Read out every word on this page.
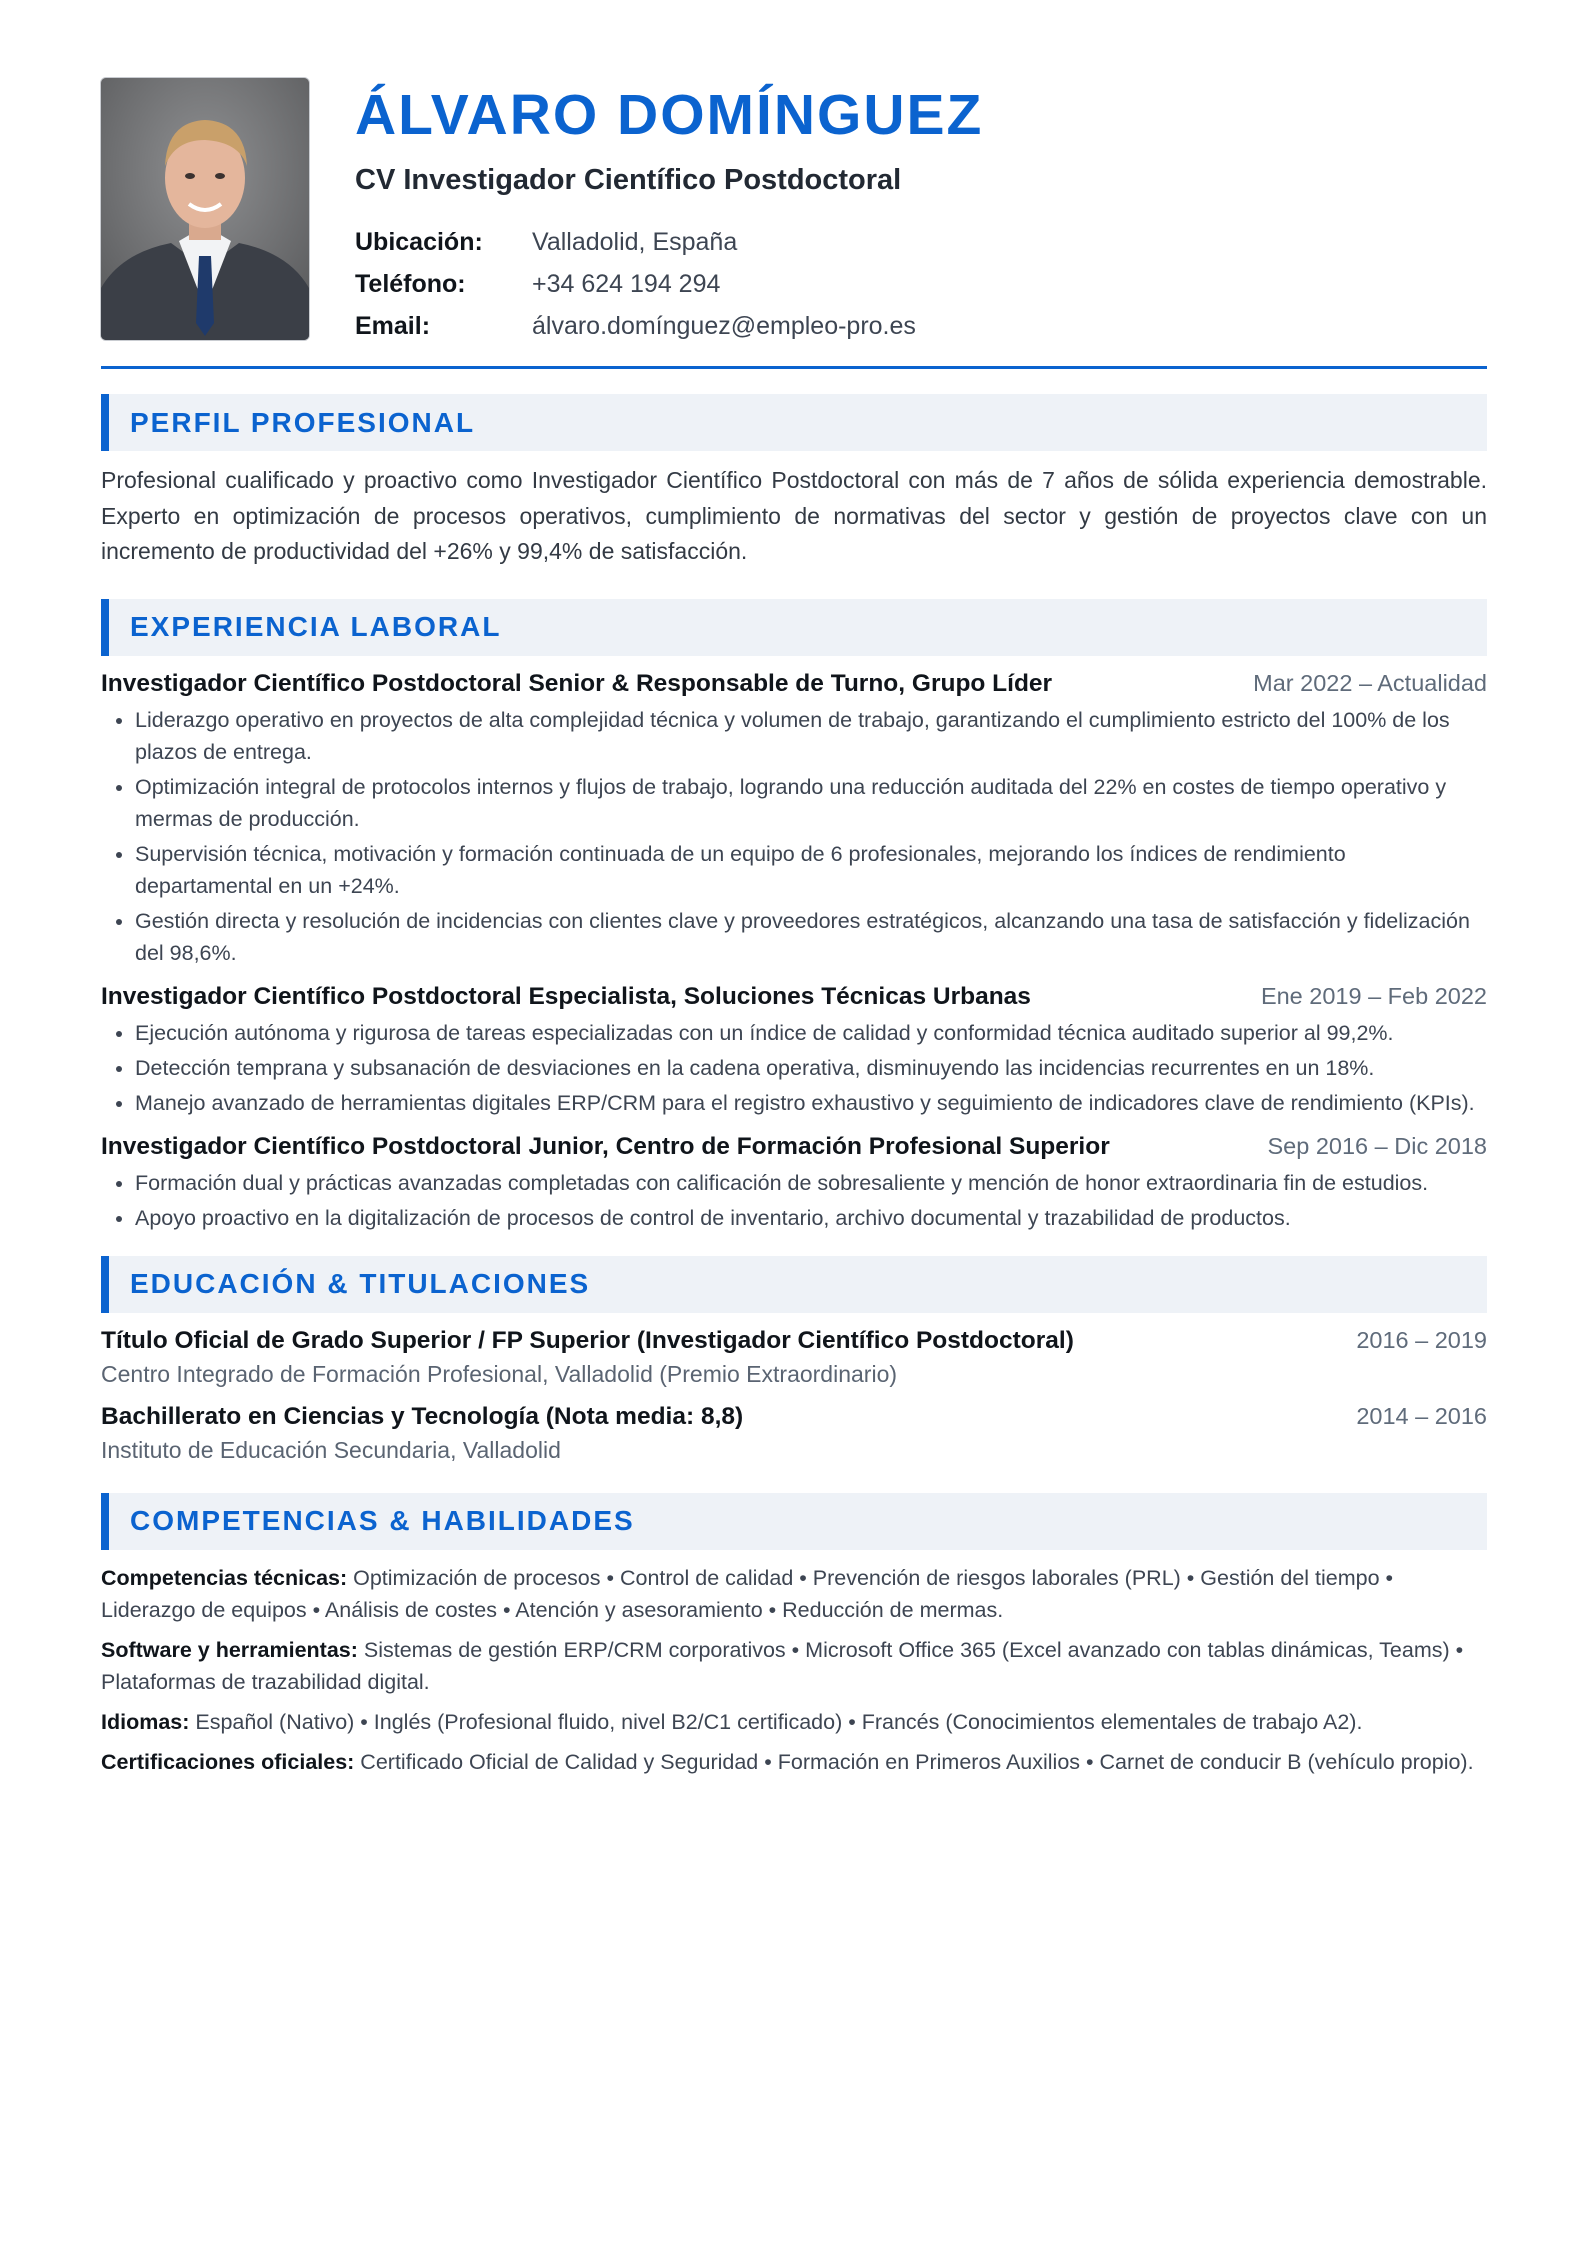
ÁLVARO DOMÍNGUEZ
CV Investigador Científico Postdoctoral
Ubicación:	Valladolid, España
Teléfono:	+34 624 194 294
Email:	álvaro.domínguez@empleo-pro.es
PERFIL PROFESIONAL

Profesional cualificado y proactivo como Investigador Científico Postdoctoral con más de 7 años de sólida experiencia demostrable. Experto en optimización de procesos operativos, cumplimiento de normativas del sector y gestión de proyectos clave con un incremento de productividad del +26% y 99,4% de satisfacción.

EXPERIENCIA LABORAL
Investigador Científico Postdoctoral Senior & Responsable de Turno, Grupo Líder	Mar 2022 – Actualidad
• Liderazgo operativo en proyectos de alta complejidad técnica y volumen de trabajo, garantizando el cumplimiento estricto del 100% de los plazos de entrega.
• Optimización integral de protocolos internos y flujos de trabajo, logrando una reducción auditada del 22% en costes de tiempo operativo y mermas de producción.
• Supervisión técnica, motivación y formación continuada de un equipo de 6 profesionales, mejorando los índices de rendimiento departamental en un +24%.
• Gestión directa y resolución de incidencias con clientes clave y proveedores estratégicos, alcanzando una tasa de satisfacción y fidelización del 98,6%.
Investigador Científico Postdoctoral Especialista, Soluciones Técnicas Urbanas	Ene 2019 – Feb 2022
• Ejecución autónoma y rigurosa de tareas especializadas con un índice de calidad y conformidad técnica auditado superior al 99,2%.
• Detección temprana y subsanación de desviaciones en la cadena operativa, disminuyendo las incidencias recurrentes en un 18%.
• Manejo avanzado de herramientas digitales ERP/CRM para el registro exhaustivo y seguimiento de indicadores clave de rendimiento (KPIs).
Investigador Científico Postdoctoral Junior, Centro de Formación Profesional Superior	Sep 2016 – Dic 2018
• Formación dual y prácticas avanzadas completadas con calificación de sobresaliente y mención de honor extraordinaria fin de estudios.
• Apoyo proactivo en la digitalización de procesos de control de inventario, archivo documental y trazabilidad de productos.
EDUCACIÓN & TITULACIONES
Título Oficial de Grado Superior / FP Superior (Investigador Científico Postdoctoral)	2016 – 2019
Centro Integrado de Formación Profesional, Valladolid (Premio Extraordinario)
Bachillerato en Ciencias y Tecnología (Nota media: 8,8)	2014 – 2016
Instituto de Educación Secundaria, Valladolid
COMPETENCIAS & HABILIDADES
Competencias técnicas: Optimización de procesos • Control de calidad • Prevención de riesgos laborales (PRL) • Gestión del tiempo • Liderazgo de equipos • Análisis de costes • Atención y asesoramiento • Reducción de mermas.
Software y herramientas: Sistemas de gestión ERP/CRM corporativos • Microsoft Office 365 (Excel avanzado con tablas dinámicas, Teams) • Plataformas de trazabilidad digital.
Idiomas: Español (Nativo) • Inglés (Profesional fluido, nivel B2/C1 certificado) • Francés (Conocimientos elementales de trabajo A2).
Certificaciones oficiales: Certificado Oficial de Calidad y Seguridad • Formación en Primeros Auxilios • Carnet de conducir B (vehículo propio).
